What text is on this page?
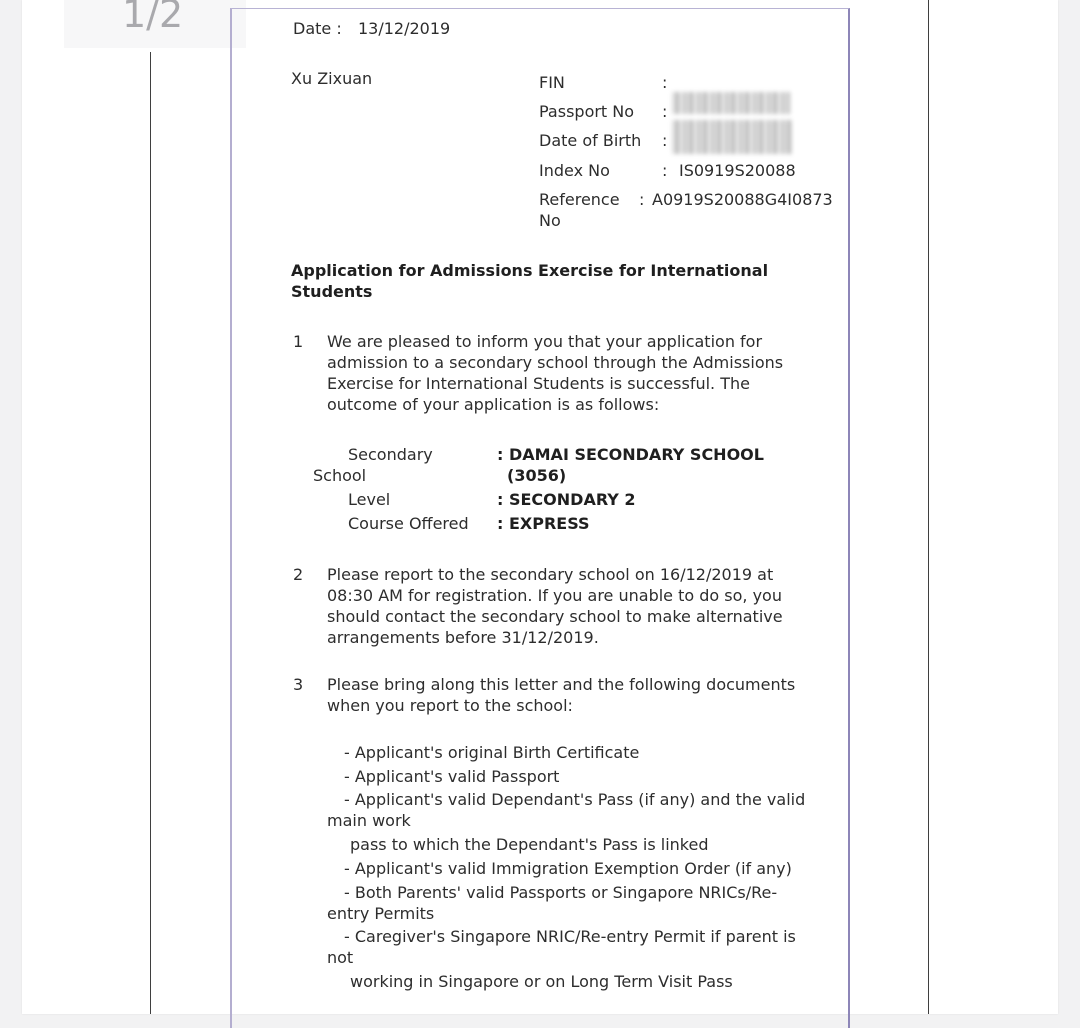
1/2	Date : 13/12/2019
Xu Zixuan	FIN	:
Passport No :
Date of Birth :
Index No	: IS0919S20088
Reference
No
: A0919S20088G4I0873
Application for Admissions Exercise for International
Students
1 We are pleased to inform you that your application for
admission to a secondary school through the Admissions
Exercise for International Students is successful. The
outcome of your application is as follows:
Secondary
School
: DAMAI SECONDARY SCHOOL
(3056)
Level	: SECONDARY 2
Course Offered : EXPRESS
2 Please report to the secondary school on 16/12/2019 at
08:30 AM for registration. If you are unable to do so, you
should contact the secondary school to make alternative
arrangements before 31/12/2019.
3 Please bring along this letter and the following documents
when you report to the school:
- Applicant's original Birth Certificate
- Applicant's valid Passport
- Applicant's valid Dependant's Pass (if any) and the valid
main work
pass to which the Dependant's Pass is linked
- Applicant's valid Immigration Exemption Order (if any)
- Both Parents' valid Passports or Singapore NRICs/Re-
entry Permits
- Caregiver's Singapore NRIC/Re-entry Permit if parent is
not
working in Singapore or on Long Term Visit Pass
